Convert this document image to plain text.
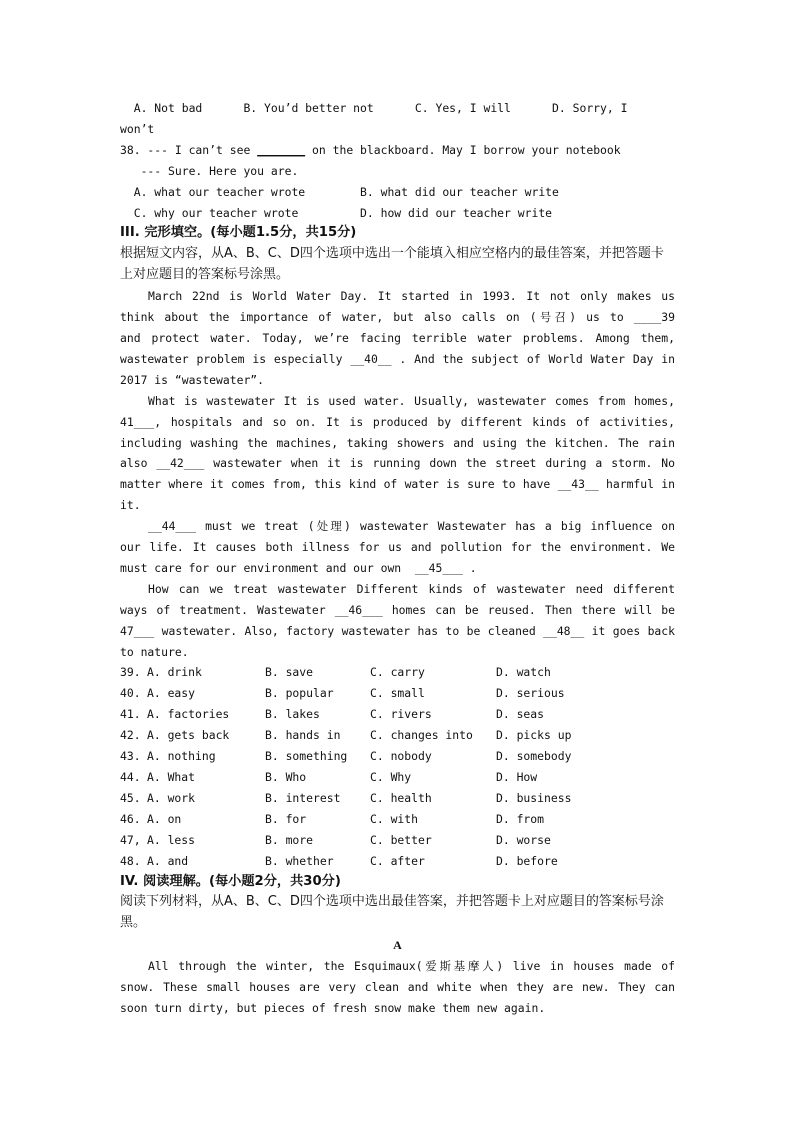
A. Not bad      B. You’d better not      C. Yes, I will      D. Sorry, I
won’t
38. --- I can’t see _______ on the blackboard. May I borrow your notebook
--- Sure. Here you are.
A. what our teacher wrote        B. what did our teacher write
C. why our teacher wrote         D. how did our teacher write
III. 完形填空。(每小题1.5分，共15分)
根据短文内容，从A、B、C、D四个选项中选出一个能填入相应空格内的最佳答案，并把答题卡上对应题目的答案标号涂黑。
March 22nd is World Water Day. It started in 1993. It not only makes us
think about the importance of water, but also calls on (号召) us to ____39
and protect water. Today, we’re facing terrible water problems. Among them,
wastewater problem is especially __40__ . And the subject of World Water Day in
2017 is “wastewater”.
What is wastewater It is used water. Usually, wastewater comes from homes,
41___, hospitals and so on. It is produced by different kinds of activities,
including washing the machines, taking showers and using the kitchen. The rain
also __42___ wastewater when it is running down the street during a storm. No
matter where it comes from, this kind of water is sure to have __43__ harmful in
it.
__44___ must we treat (处理) wastewater Wastewater has a big influence on
our life. It causes both illness for us and pollution for the environment. We
must care for our environment and our own  __45___ .
How can we treat wastewater Different kinds of wastewater need different
ways of treatment. Wastewater __46___ homes can be reused. Then there will be
47___ wastewater. Also, factory wastewater has to be cleaned __48__ it goes back
to nature.
39. A. drink	B. save	C. carry	D. watch
40. A. easy	B. popular	C. small	D. serious
41. A. factories	B. lakes	C. rivers	D. seas
42. A. gets back	B. hands in	C. changes into	D. picks up
43. A. nothing	B. something	C. nobody	D. somebody
44. A. What	B. Who	C. Why	D. How
45. A. work	B. interest	C. health	D. business
46. A. on	B. for	C. with	D. from
47, A. less	B. more	C. better	D. worse
48. A. and	B. whether	C. after	D. before
IV. 阅读理解。(每小题2分，共30分)
阅读下列材料，从A、B、C、D四个选项中选出最佳答案，并把答题卡上对应题目的答案标号涂黑。
A
All through the winter, the Esquimaux(爱斯基摩人) live in houses made of
snow. These small houses are very clean and white when they are new. They can
soon turn dirty, but pieces of fresh snow make them new again.
